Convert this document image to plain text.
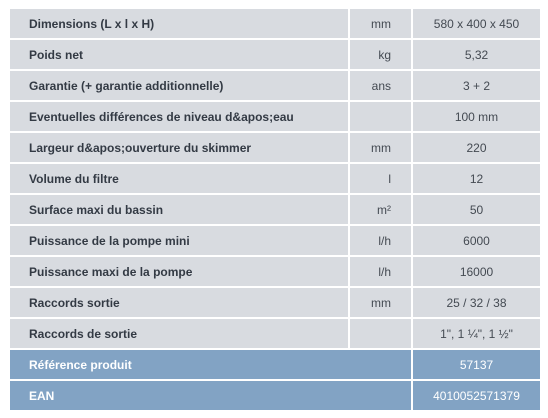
Dimensions (L x l x H)	mm	580 x 400 x 450
Poids net	kg	5,32
Garantie (+ garantie additionnelle)	ans	3 + 2
Eventuelles différences de niveau d&apos;eau		100 mm
Largeur d&apos;ouverture du skimmer	mm	220
Volume du filtre	l	12
Surface maxi du bassin	m²	50
Puissance de la pompe mini	l/h	6000
Puissance maxi de la pompe	l/h	16000
Raccords sortie	mm	25 / 32 / 38
Raccords de sortie		1", 1 ¼", 1 ½"
Référence produit		57137
EAN		4010052571379
